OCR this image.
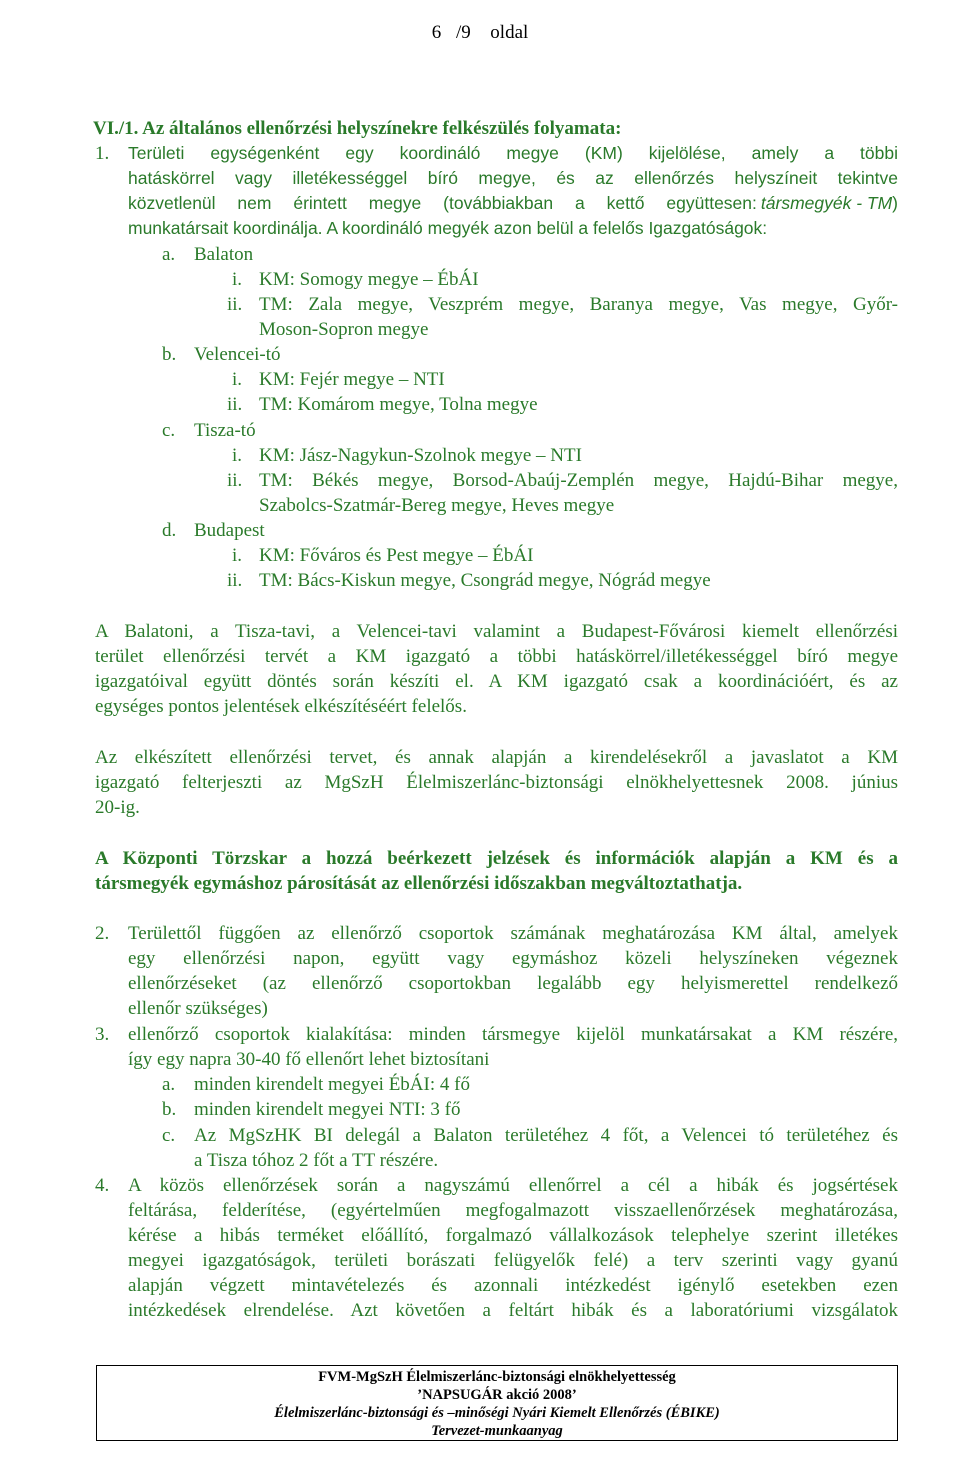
6 /9  oldal
VI./1. Az általános ellenőrzési helyszínekre felkészülés folyamata:
1. Területi egységenként egy koordináló megye (KM) kijelölése, amely a többi
hatáskörrel vagy illetékességgel bíró megye, és az ellenőrzés helyszíneit tekintve
közvetlenül nem érintett megye (továbbiakban a kettő együttesen: társmegyék - TM )
munkatársait koordinálja. A koordináló megyék azon belül a felelős Igazgatóságok:
a. Balaton
i. KM: Somogy megye – ÉbÁI
ii. TM: Zala megye, Veszprém megye, Baranya megye, Vas megye, Győr-
Moson-Sopron megye
b. Velencei-tó
i. KM: Fejér megye – NTI
ii. TM: Komárom megye, Tolna megye
c. Tisza-tó
i. KM: Jász-Nagykun-Szolnok megye – NTI
ii. TM: Békés megye, Borsod-Abaúj-Zemplén megye, Hajdú-Bihar megye,
Szabolcs-Szatmár-Bereg megye, Heves megye
d. Budapest
i. KM: Főváros és Pest megye – ÉbÁI
ii. TM: Bács-Kiskun megye, Csongrád megye, Nógrád megye
A Balatoni, a Tisza-tavi, a Velencei-tavi valamint a Budapest-Fővárosi kiemelt ellenőrzési
terület ellenőrzési tervét a KM igazgató a többi hatáskörrel/illetékességgel bíró megye
igazgatóival együtt döntés során készíti el. A KM igazgató csak a koordinációért, és az
egységes pontos jelentések elkészítéséért felelős.
Az elkészített ellenőrzési tervet, és annak alapján a kirendelésekről a javaslatot a KM
igazgató felterjeszti az MgSzH Élelmiszerlánc-biztonsági elnökhelyettesnek 2008. június
20-ig.
A Központi Törzskar a hozzá beérkezett jelzések és információk alapján a KM és a
társmegyék egymáshoz párosítását az ellenőrzési időszakban megváltoztathatja.
2. Területtől függően az ellenőrző csoportok számának meghatározása KM által, amelyek
egy ellenőrzési napon, együtt vagy egymáshoz közeli helyszíneken végeznek
ellenőrzéseket (az ellenőrző csoportokban legalább egy helyismerettel rendelkező
ellenőr szükséges)
3. ellenőrző csoportok kialakítása: minden társmegye kijelöl munkatársakat a KM részére,
így egy napra 30-40 fő ellenőrt lehet biztosítani
a. minden kirendelt megyei ÉbÁI: 4 fő
b. minden kirendelt megyei NTI: 3 fő
c. Az MgSzHK BI delegál a Balaton területéhez 4 főt, a Velencei tó területéhez és
a Tisza tóhoz 2 főt a TT részére.
4. A közös ellenőrzések során a nagyszámú ellenőrrel a cél a hibák és jogsértések
feltárása, felderítése, (egyértelműen megfogalmazott visszaellenőrzések meghatározása,
kérése a hibás terméket előállító, forgalmazó vállalkozások telephelye szerint illetékes
megyei igazgatóságok, területi borászati felügyelők felé) a terv szerinti vagy gyanú
alapján végzett mintavételezés és azonnali intézkedést igénylő esetekben ezen
intézkedések elrendelése. Azt követően a feltárt hibák és a laboratóriumi vizsgálatok
FVM-MgSzH Élelmiszerlánc-biztonsági elnökhelyettesség
’NAPSUGÁR akció 2008’
Élelmiszerlánc-biztonsági és –minőségi Nyári Kiemelt Ellenőrzés (ÉBIKE)
Tervezet-munkaanyag
